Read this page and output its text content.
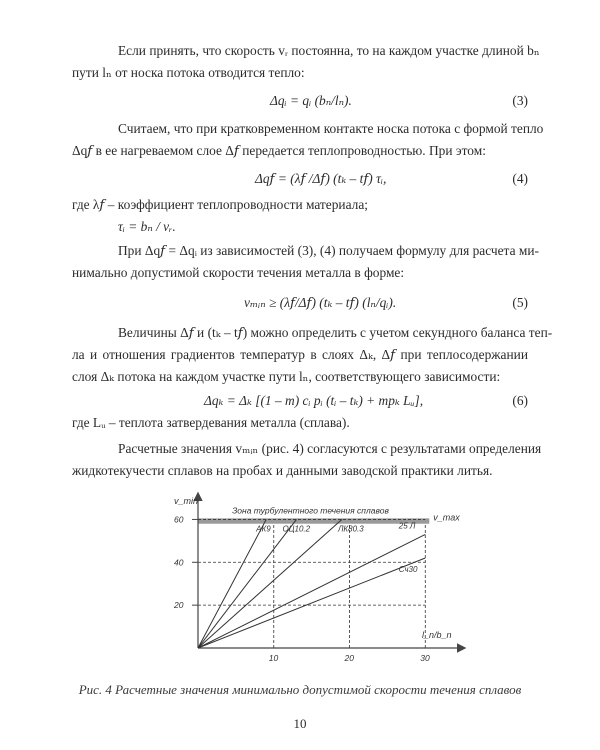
Если принять, что скорость vᵣ постоянна, то на каждом участке длиной bₙ
пути lₙ от носка потока отводится тепло:
Δqᵢ = qᵢ (bₙ/lₙ).	(3)
Считаем, что при кратковременном контакте носка потока с формой тепло
Δq𝑓 в ее нагреваемом слое Δ𝑓 передается теплопроводностью. При этом:
Δq𝑓 = (λ𝑓 /Δ𝑓) (tₖ – t𝑓) τᵢ,	(4)
где λ𝑓 – коэффициент теплопроводности материала;
τᵢ = bₙ / vᵣ.
При Δq𝑓 = Δqᵢ из зависимостей (3), (4) получаем формулу для расчета ми-
нимально допустимой скорости течения металла в форме:
vₘᵢₙ ≥ (λ𝑓/Δ𝑓) (tₖ – t𝑓) (lₙ/qᵢ).	(5)
Величины Δ𝑓 и (tₖ – t𝑓) можно определить с учетом секундного баланса теп-
ла и отношения градиентов температур в слоях Δₖ, Δ𝑓 при теплосодержании
слоя Δₖ потока на каждом участке пути lₙ, соответствующего зависимости:
Δqₖ = Δₖ [(1 – m) cᵢ pᵢ (tᵢ – tₖ) + mpₖ Lᵤ],	(6)
где Lᵤ – теплота затвердевания металла (сплава).
Расчетные значения vₘᵢₙ (рис. 4) согласуются с результатами определения
жидкотекучести сплавов на пробах и данными заводской практики литья.
Зона турбулентного течения сплавов
v_max
v_min
l_n/b_n
20
40
60
10	20	30
АК9 ОЦ10.2	ЛК80.3	25 Л
Сч30
Рис. 4 Расчетные значения минимально допустимой скорости течения сплавов
10
